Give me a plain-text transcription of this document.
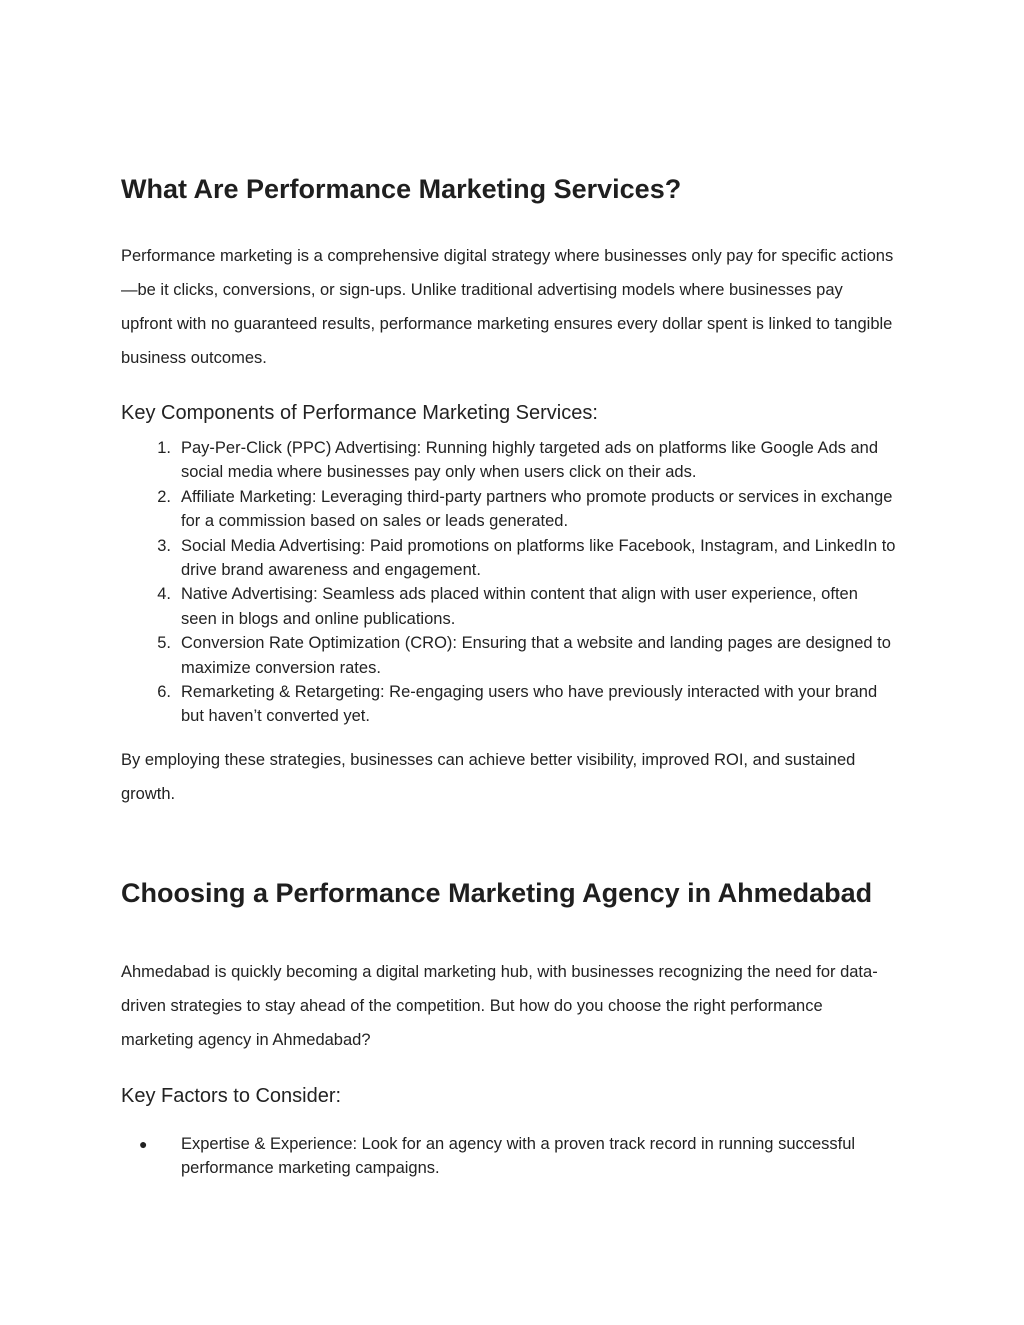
What Are Performance Marketing Services?

Performance marketing is a comprehensive digital strategy where businesses only pay for specific actions—be it clicks, conversions, or sign-ups. Unlike traditional advertising models where businesses pay upfront with no guaranteed results, performance marketing ensures every dollar spent is linked to tangible business outcomes.

Key Components of Performance Marketing Services:
1. Pay-Per-Click (PPC) Advertising: Running highly targeted ads on platforms like Google Ads and social media where businesses pay only when users click on their ads.
2. Affiliate Marketing: Leveraging third-party partners who promote products or services in exchange for a commission based on sales or leads generated.
3. Social Media Advertising: Paid promotions on platforms like Facebook, Instagram, and LinkedIn to drive brand awareness and engagement.
4. Native Advertising: Seamless ads placed within content that align with user experience, often seen in blogs and online publications.
5. Conversion Rate Optimization (CRO): Ensuring that a website and landing pages are designed to maximize conversion rates.
6. Remarketing & Retargeting: Re-engaging users who have previously interacted with your brand but haven’t converted yet.

By employing these strategies, businesses can achieve better visibility, improved ROI, and sustained growth.

Choosing a Performance Marketing Agency in Ahmedabad

Ahmedabad is quickly becoming a digital marketing hub, with businesses recognizing the need for data-driven strategies to stay ahead of the competition. But how do you choose the right performance marketing agency in Ahmedabad?

Key Factors to Consider:
●	Expertise & Experience: Look for an agency with a proven track record in running successful performance marketing campaigns.
